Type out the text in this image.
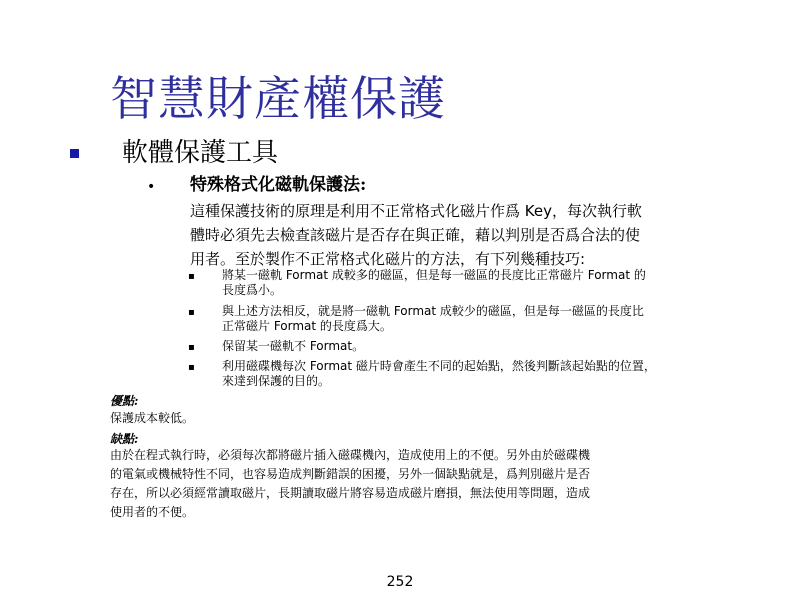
智慧財產權保護
軟體保護工具
• 特殊格式化磁軌保護法:
這種保護技術的原理是利用不正常格式化磁片作爲 Key，每次執行軟
體時必須先去檢查該磁片是否存在與正確，藉以判別是否爲合法的使
用者。至於製作不正常格式化磁片的方法，有下列幾種技巧:
▪ 將某一磁軌 Format 成較多的磁區，但是每一磁區的長度比正常磁片 Format 的
長度爲小。
▪ 與上述方法相反，就是將一磁軌 Format 成較少的磁區，但是每一磁區的長度比
正常磁片 Format 的長度爲大。
▪ 保留某一磁軌不 Format。
▪ 利用磁碟機每次 Format 磁片時會產生不同的起始點，然後判斷該起始點的位置，
來達到保護的目的。
優點:
保護成本較低。
缺點:
由於在程式執行時，必須每次都將磁片插入磁碟機內，造成使用上的不便。另外由於磁碟機
的電氣或機械特性不同，也容易造成判斷錯誤的困擾，另外一個缺點就是，爲判別磁片是否
存在，所以必須經常讀取磁片，長期讀取磁片將容易造成磁片磨損，無法使用等問題，造成
使用者的不便。
252
